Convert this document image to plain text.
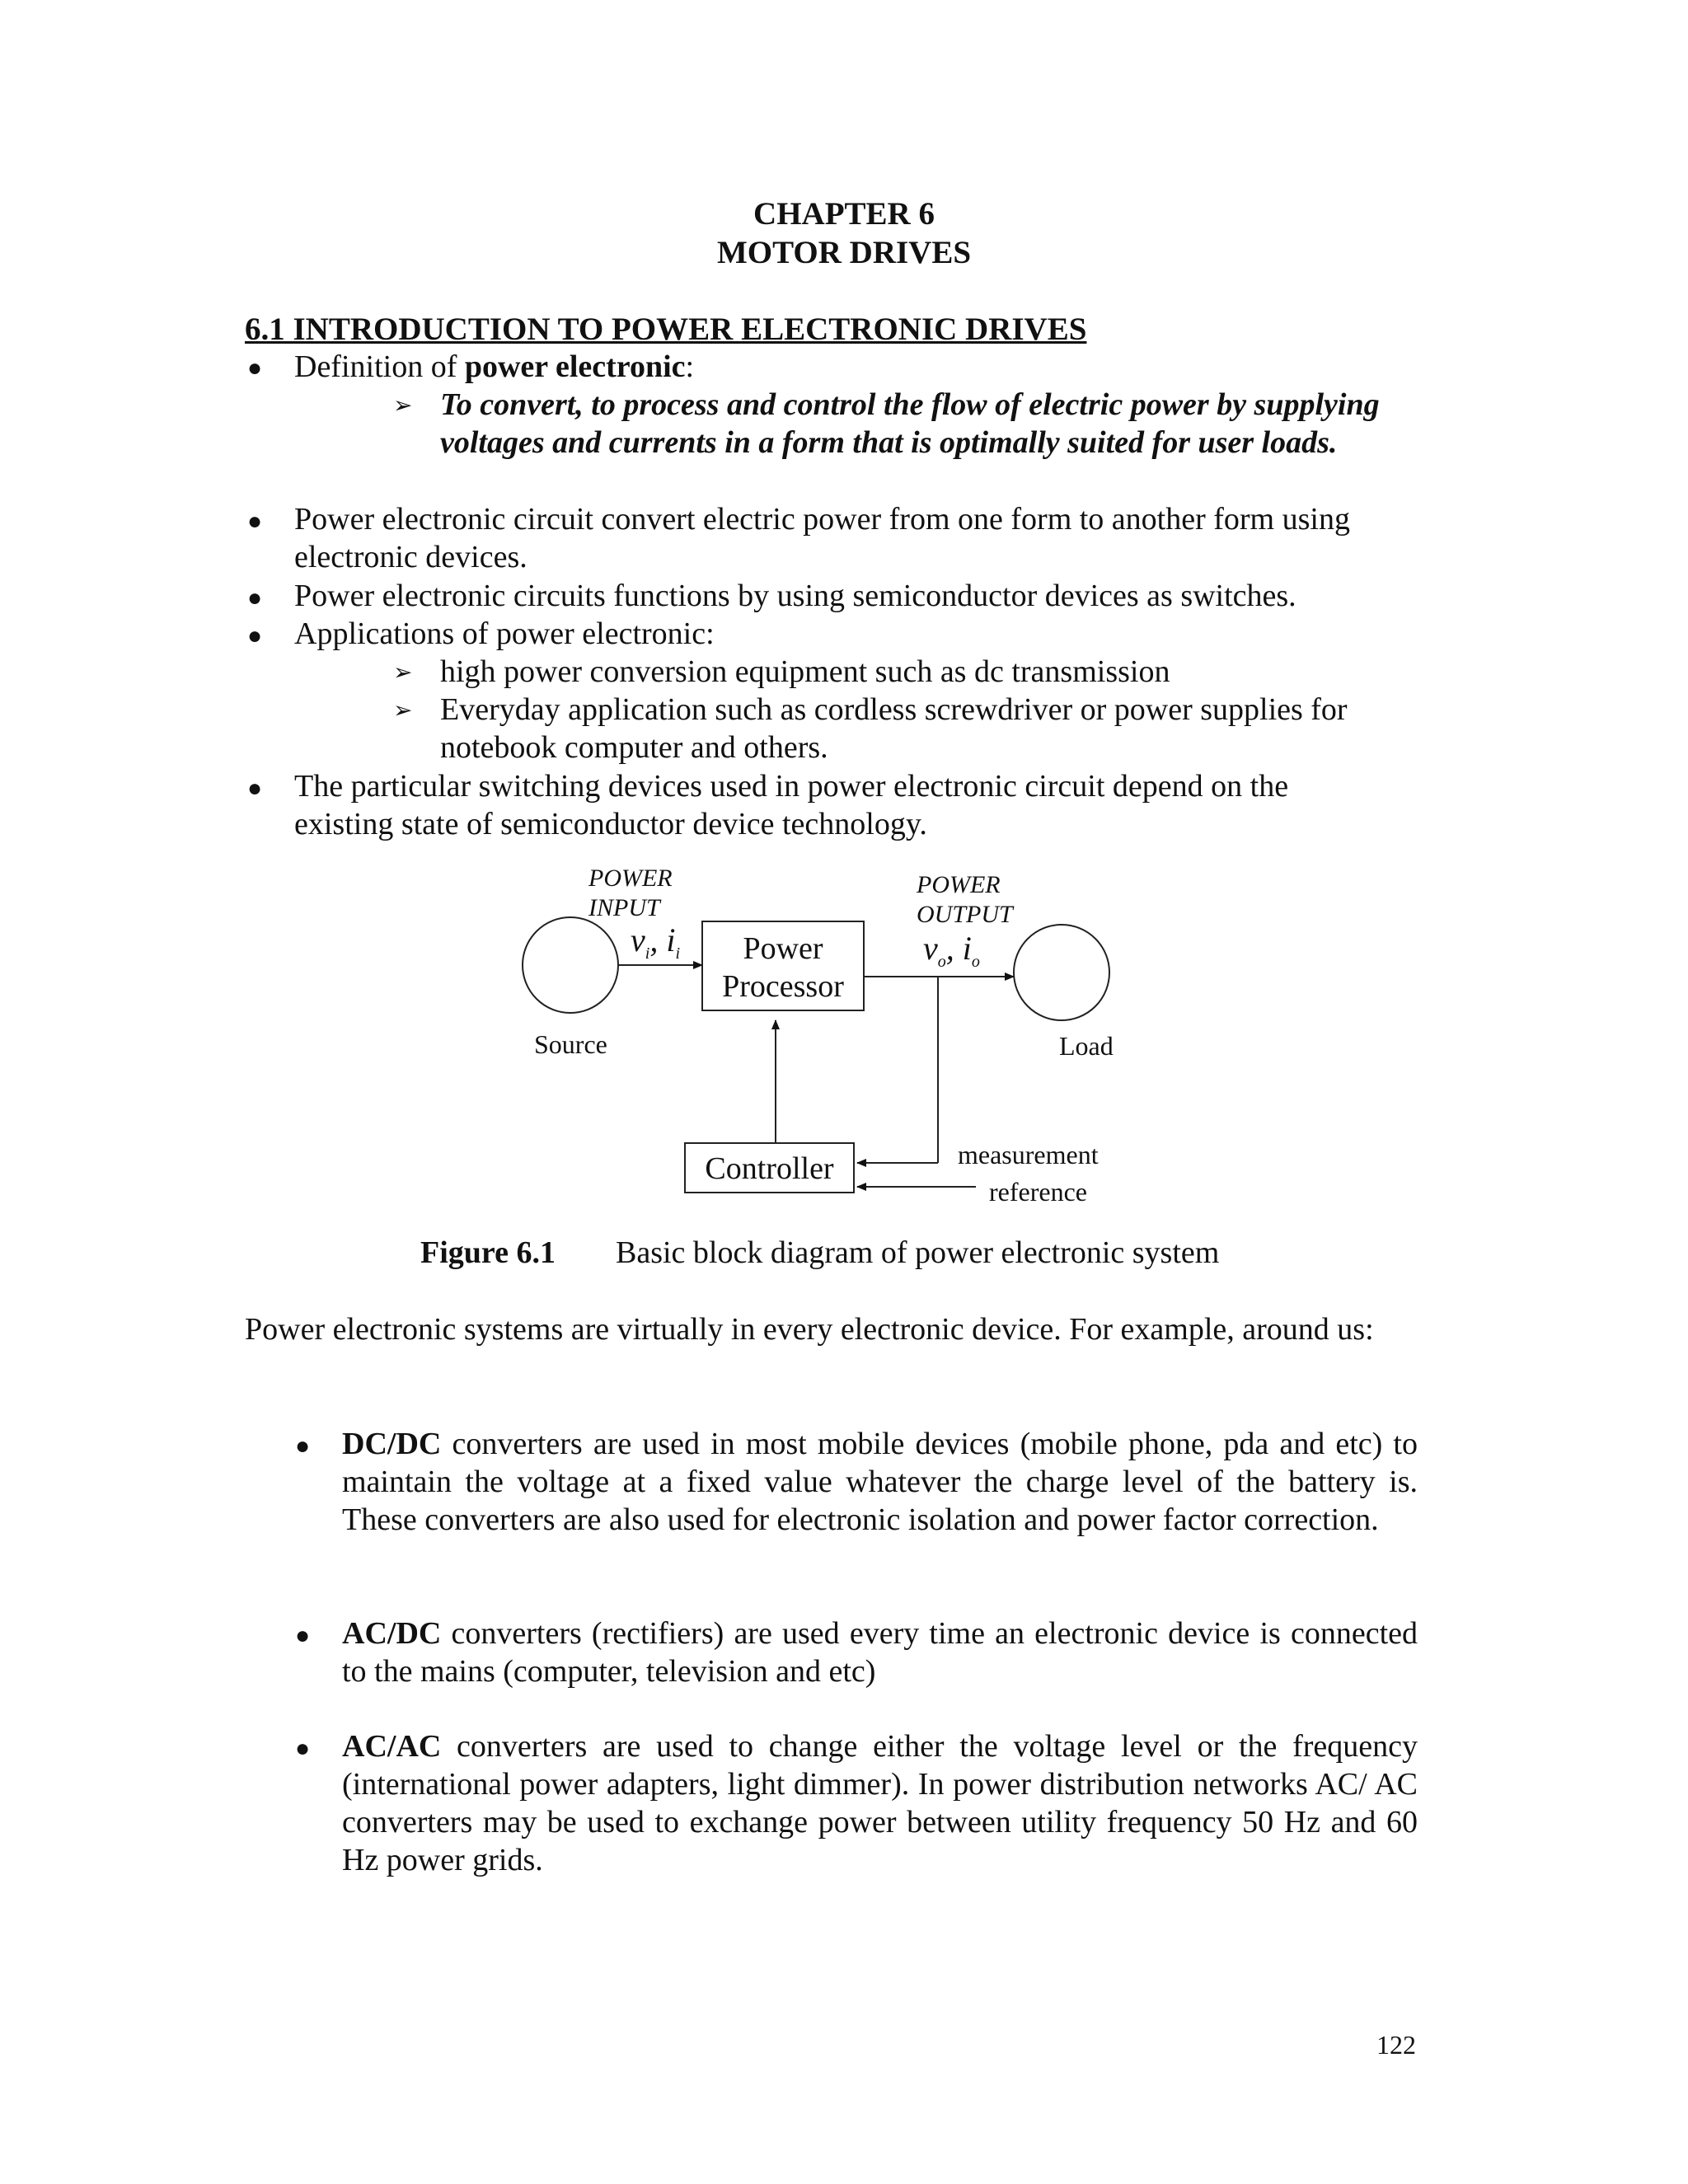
CHAPTER 6
MOTOR DRIVES
6.1 INTRODUCTION TO POWER ELECTRONIC DRIVES
● Definition of power electronic:
➢ To convert, to process and control the flow of electric power by supplying voltages and currents in a form that is optimally suited for user loads.
● Power electronic circuit convert electric power from one form to another form using electronic devices.
● Power electronic circuits functions by using semiconductor devices as switches.
● Applications of power electronic:
➢ high power conversion equipment such as dc transmission
➢ Everyday application such as cordless screwdriver or power supplies for notebook computer and others.
● The particular switching devices used in power electronic circuit depend on the existing state of semiconductor device technology.
POWER
INPUT
POWER
OUTPUT
$v_i$, $i_i$	$v_o$, $i_o$
Power
Processor
Controller
Source	Load
measurement
reference
Figure 6.1 Basic block diagram of power electronic system
Power electronic systems are virtually in every electronic device. For example, around us:
● DC/DC converters are used in most mobile devices (mobile phone, pda and etc) to maintain the voltage at a fixed value whatever the charge level of the battery is. These converters are also used for electronic isolation and power factor correction.
● AC/DC converters (rectifiers) are used every time an electronic device is connected to the mains (computer, television and etc)
● AC/AC converters are used to change either the voltage level or the frequency (international power adapters, light dimmer). In power distribution networks AC/ AC converters may be used to exchange power between utility frequency 50 Hz and 60 Hz power grids.
122
